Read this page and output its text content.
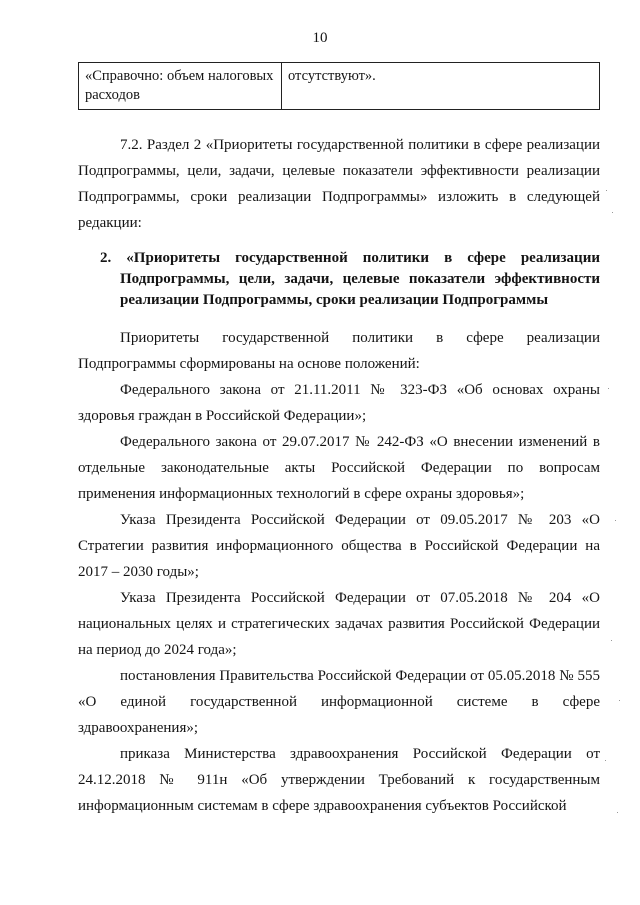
10
«Справочно: объем налоговых расходов
отсутствуют».

7.2. Раздел 2 «Приоритеты государственной политики в сфере реализации Подпрограммы, цели, задачи, целевые показатели эффективности реализации Подпрограммы, сроки реализации Подпрограммы» изложить в следующей редакции:

2. «Приоритеты государственной политики в сфере реализации Подпрограммы, цели, задачи, целевые показатели эффективности реализации Подпрограммы, сроки реализации Подпрограммы

Приоритеты государственной политики в сфере реализации Подпрограммы сформированы на основе положений:

Федерального закона от 21.11.2011 № 323-ФЗ «Об основах охраны здоровья граждан в Российской Федерации»;

Федерального закона от 29.07.2017 № 242-ФЗ «О внесении изменений в отдельные законодательные акты Российской Федерации по вопросам применения информационных технологий в сфере охраны здоровья»;

Указа Президента Российской Федерации от 09.05.2017 № 203 «О Стратегии развития информационного общества в Российской Федерации на 2017 – 2030 годы»;

Указа Президента Российской Федерации от 07.05.2018 № 204 «О национальных целях и стратегических задачах развития Российской Федерации на период до 2024 года»;

постановления Правительства Российской Федерации от 05.05.2018 № 555 «О единой государственной информационной системе в сфере здравоохранения»;

приказа Министерства здравоохранения Российской Федерации от 24.12.2018 № 911н «Об утверждении Требований к государственным информационным системам в сфере здравоохранения субъектов Российской
